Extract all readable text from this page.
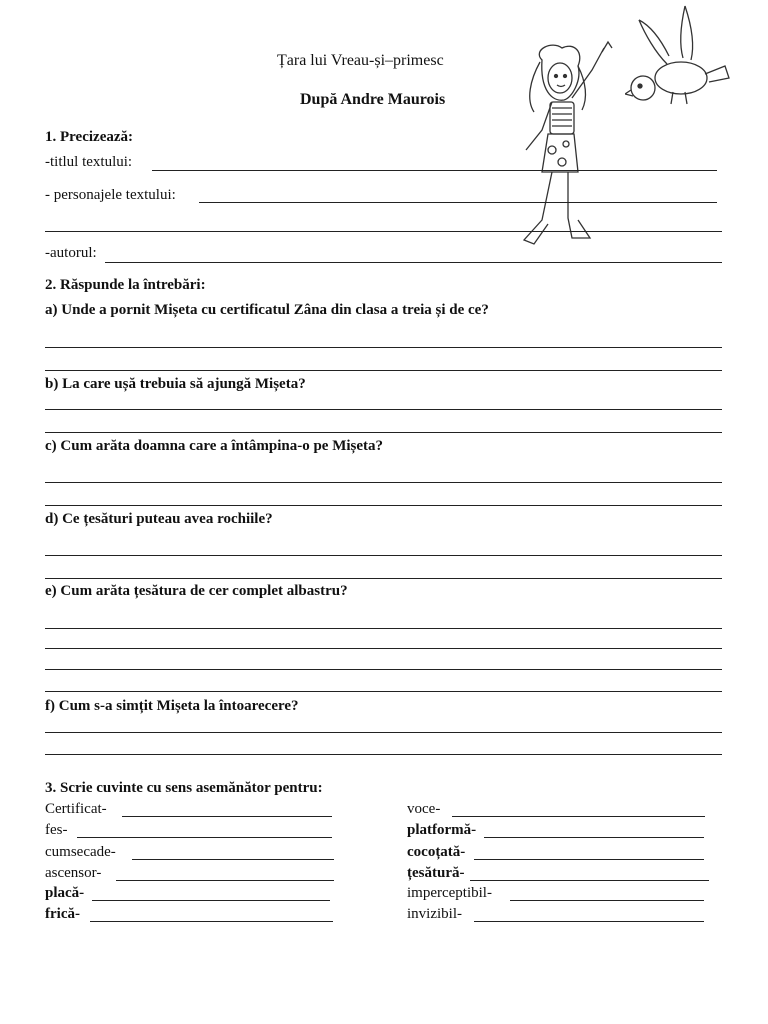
Țara lui Vreau-și–primesc
După Andre Maurois
1. Precizează:
-titlul textului:
- personajele textului:
-autorul:
2. Răspunde la întrebări:
a) Unde a pornit Mișeta cu certificatul Zâna din clasa a treia și de ce?
b) La care ușă trebuia să ajungă Mișeta?
c) Cum arăta doamna care a întâmpina-o pe Mișeta?
d) Ce țesături puteau avea rochiile?
e) Cum arăta țesătura de cer complet albastru?
f) Cum s-a simțit Mișeta la întoarecere?
3. Scrie cuvinte cu sens asemănător pentru:
Certificat-
fes-
cumsecade-
ascensor-
placă-
frică-
voce-
platformă-
cocoțată-
țesătură-
imperceptibil-
invizibil-
